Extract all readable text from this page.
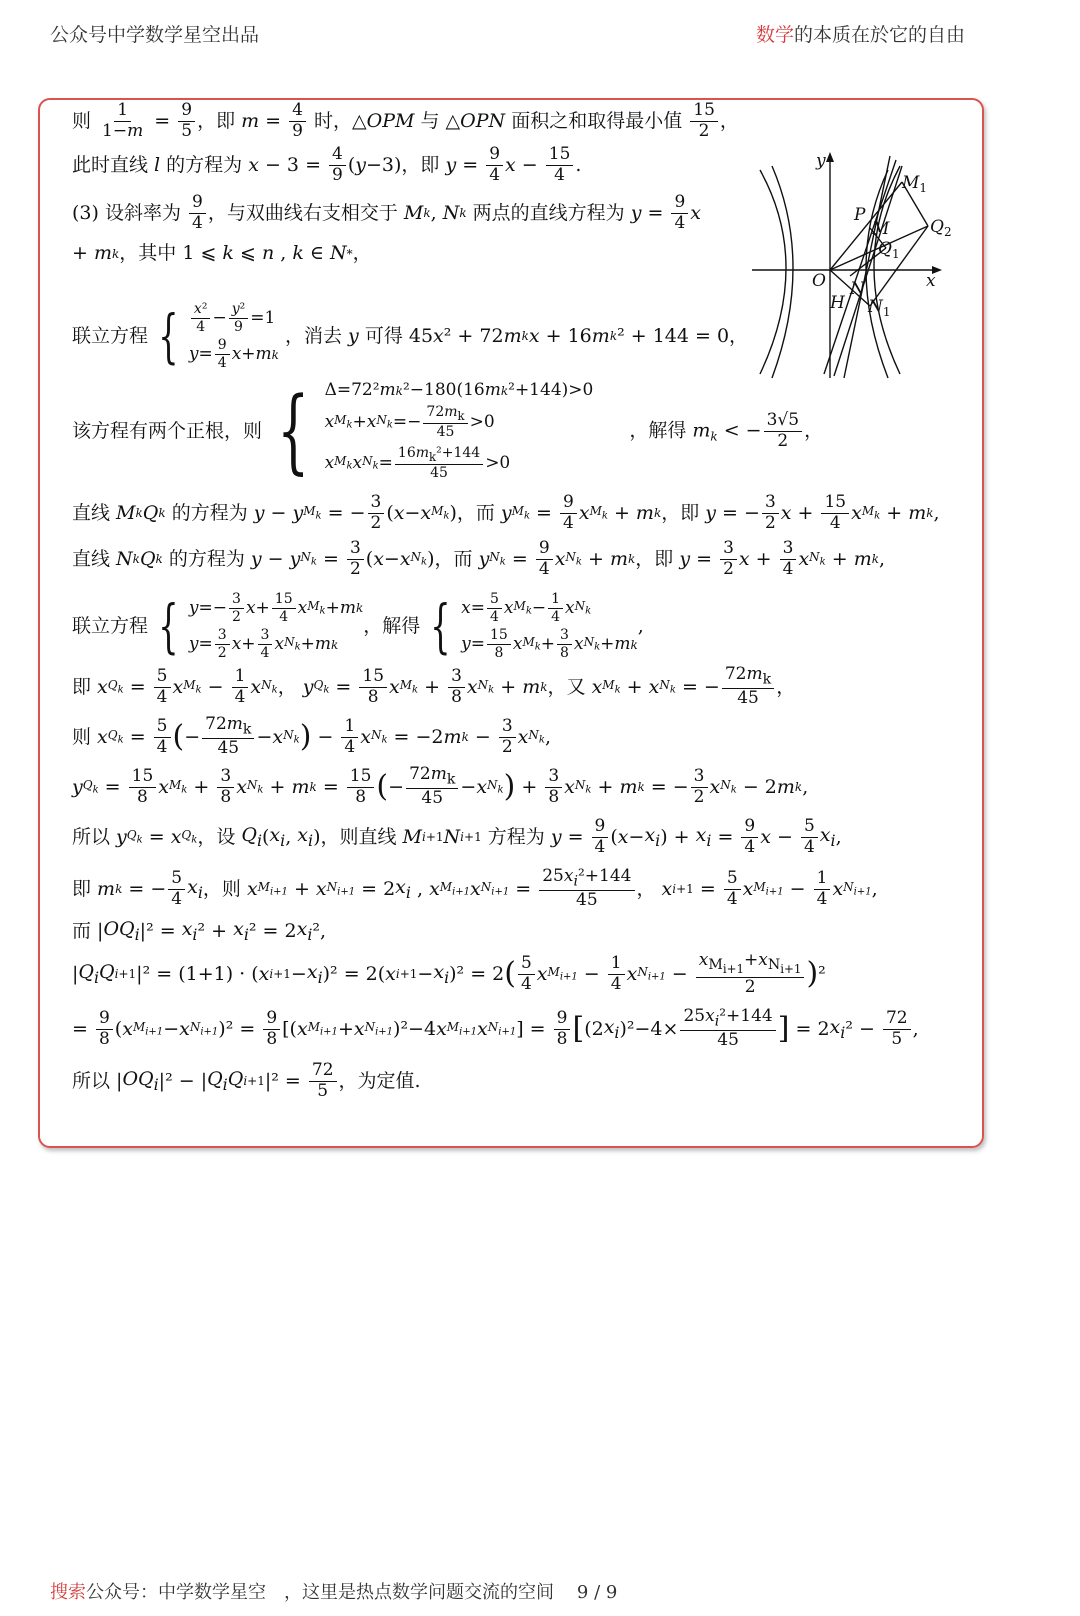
公众号中学数学星空出品	数学的本质在於它的自由
则 $\frac{1}{1-m} = \frac{9}{5}$ ，即 $m = \frac{4}{9}$ 时，△ OPM 与 △ OPN 面积之和取得最小值 $\frac{15}{2}$ ，
此时直线 l 的方程为 $x - 3 = \frac{4}{9}$ ( y −3)，即 $y = \frac{9}{4}$ $x - \frac{15}{4}$ .
(3) 设斜率为 $\frac{9}{4}$ ，与双曲线右支相交于 M k , N k 两点的直线方程为 $y = \frac{9}{4}$ x
+ m k ，其中 1 ⩽ k ⩽ n , k ∈ N * ，
联立方程 { $\frac{\text{x²}}{4} - \frac{\text{y²}}{9} =1$
$y = \frac{9}{4}$ x + m k
，消去 y 可得 45 x ² + 72 m k x + 16 m k ² + 144 = 0，
该方程有两个正根，则 { Δ=72² m k ²−180(16 m k ²+144)>0
x $M_k + x$ $N_k =- \frac{72m_k}{45} >0$
x $M_k$ x $N_k = \frac{16m_k^2+144}{45} >0$
，解得 $m_k$ < − $\frac{3√5}{2}$ ，
直线 M k Q k 的方程为 y − y $M_k$ = − $\frac{3}{2}$ ( x − x $M_k$ )，而 y $M_k = \frac{9}{4}$ x $M_k + m$ k ，即 y = − $\frac{3}{2}$ $x + \frac{15}{4}$ x $M_k + m$ k ,
直线 N k Q k 的方程为 y − y $N_k = \frac{3}{2}$ ( x − x $N_k$ )，而 y $N_k = \frac{9}{4}$ x $N_k + m$ k ，即 $y = \frac{3}{2}$ $x + \frac{3}{4}$ x $N_k + m$ k ,
联立方程 { $y =- \frac{3}{2}$ $x + \frac{15}{4}$ x $M_k + m$ k
$y = \frac{3}{2}$ $x + \frac{3}{4}$ x $N_k + m$ k
，解得 { $x = \frac{5}{4}$ x $M_k - \frac{1}{4}$ x $N_k$
$y = \frac{15}{8}$ x $M_k + \frac{3}{8}$ x $N_k + m$ k
,
即 x $Q_k = \frac{5}{4}$ x $M_k - \frac{1}{4}$ x $N_k$ ， y $Q_k = \frac{15}{8}$ x $M_k + \frac{3}{8}$ x $N_k + m$ k ，又 x $M_k + x$ $N_k$ = − $\frac{72m_k}{45}$ ，
则 x $Q_k = \frac{5}{4}$ ( − $\frac{72m_k}{45} - x$ $N_k$ ) − $\frac{1}{4}$ x $N_k = -2$ m $k - \frac{3}{2}$ x $N_k$ ,
y $Q_k = \frac{15}{8}$ x $M_k + \frac{3}{8}$ x $N_k + m$ $k = \frac{15}{8}$ ( − $\frac{72m_k}{45} - x$ $N_k$ ) + $\frac{3}{8}$ x $N_k + m$ k = − $\frac{3}{2}$ x $N_k - 2$ m k ,
所以 y $Q_k = x$ $Q_k$ ，设 $Q_i$ ( $x_i$ , $x_i$ )，则直线 M i+1 N i+1 方程为 $y = \frac{9}{4}$ ( $x - x_i$ ) + $x_i = \frac{9}{4}$ $x - \frac{5}{4} x_i$ ,
即 m k = − $\frac{5}{4} x_i$ ，则 x $M_{i+1} + x$ $N_{i+1} = 2$ $x_i$ , x $M_{i+1}$ x $N_{i+1} = \frac{25x_i^2+144}{45}$ ， x $i+1 = \frac{5}{4}$ x $M_{i+1} - \frac{1}{4}$ x $N_{i+1}$ ,
而 | $OQ_i$ $|^2 = x_i$ $^2 + x_i$ ² = 2 $x_i$ ²,
| $Q_iQ$ i+1 |² = (1+1) · ( x $i+1 - x_i$ )² = 2( x $i+1 - x_i$ )² = 2 ( $\frac{5}{4}$ x $M_{i+1} - \frac{1}{4}$ x $N_{i+1} - \frac{x_{M_{i+1}}+x_{N_{i+1}}}{2}$ ) ²
= $\frac{9}{8}$ ( x $M_{i+1} - x$ $N_{i+1}$ )$^2 = \frac{9}{8}$ [( x $M_{i+1} + x$ $N_{i+1}$ )²−4 x $M_{i+1}$ x $N_{i+1}$ ] = $\frac{9}{8}$ [ (2 $x_i$ )$^2-4\times \frac{25x_i^2+144}{45}$ ] = 2 $x_i$ $^2 - \frac{72}{5}$ ,
所以 | $OQ_i$ |² − | $Q_iQ$ i+1 $|^2 = \frac{72}{5}$ ，为定值.
y
x
O
P
M
$M_1$
$Q_2$
$Q_1$
N
$N_1$
H
搜索公众号：中学数学星空　，这里是热点数学问题交流的空间 9 / 9
